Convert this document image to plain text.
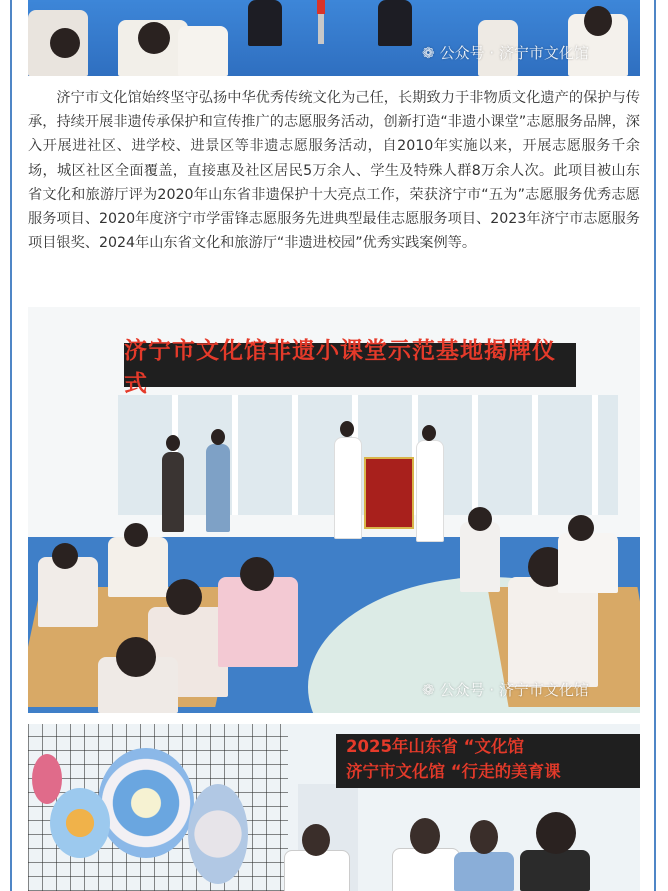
❁ 公众号 · 济宁市文化馆

济宁市文化馆始终坚守弘扬中华优秀传统文化为己任，长期致力于非物质文化遗产的保护与传承，持续开展非遗传承保护和宣传推广的志愿服务活动，创新打造“非遗小课堂”志愿服务品牌，深入开展进社区、进学校、进景区等非遗志愿服务活动，自2010年实施以来，开展志愿服务千余场，城区社区全面覆盖，直接惠及社区居民5万余人、学生及特殊人群8万余人次。此项目被山东省文化和旅游厅评为2020年山东省非遗保护十大亮点工作，荣获济宁市“五为”志愿服务优秀志愿服务项目、2020年度济宁市学雷锋志愿服务先进典型最佳志愿服务项目、2023年济宁市志愿服务项目银奖、2024年山东省文化和旅游厅“非遗进校园”优秀实践案例等。

济宁市文化馆非遗小课堂示范基地揭牌仪式
❁ 公众号 · 济宁市文化馆
2025年山东省 “文化馆
济宁市文化馆 “行走的美育课
